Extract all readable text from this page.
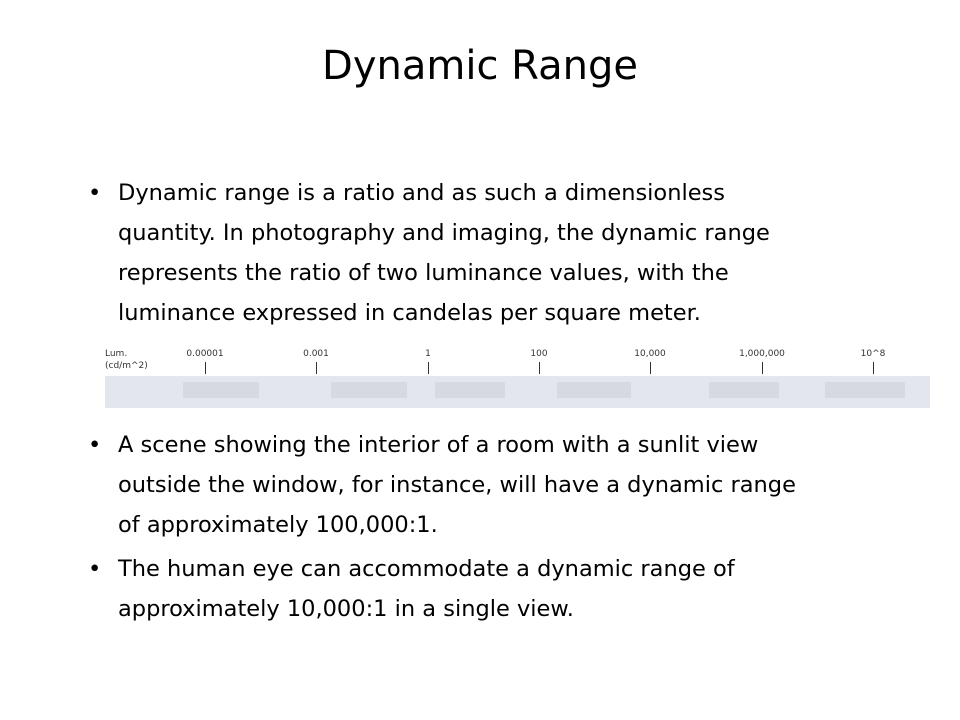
Dynamic Range
• Dynamic range is a ratio and as such a dimensionless
quantity. In photography and imaging, the dynamic range
represents the ratio of two luminance values, with the
luminance expressed in candelas per square meter.
Lum.
(cd/m^2)
0.00001	0.001	1	100	10,000	1,000,000	10^8
• A scene showing the interior of a room with a sunlit view
outside the window, for instance, will have a dynamic range
of approximately 100,000:1.
• The human eye can accommodate a dynamic range of
approximately 10,000:1 in a single view.
